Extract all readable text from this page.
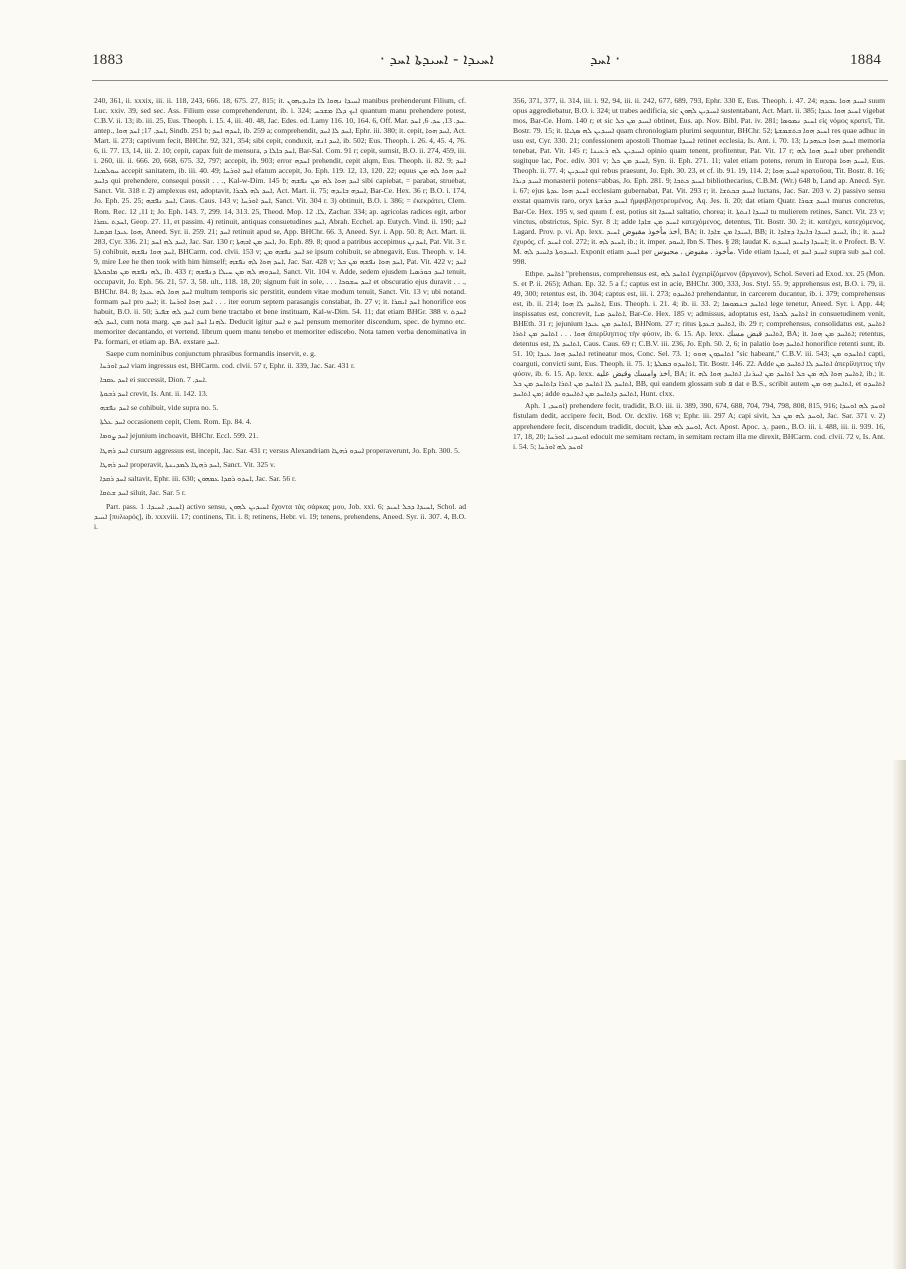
1883	ܐܚܝܕܐ - ܐܚܝܕܬܐ ܐܚܕ ·	· ܐܚܕ	1884

240, 361, ii. xxxix, iii. ii. 118, 243, 666. 18, 675. 27, 815; it. ܐܚܝܕܐ ܢܗܘܐ ܠܐ ܒܐܝܕܝܗܘܢ manibus prehenderunt Filium, cf. Luc. xxiv. 39, sed sec. Ass. Filium esse comprehenderunt, ib. i. 324; ܐܝܟ ܕܠܐ ܡܫܟܚ quantum manu prehendere potest, C.B.V. ii. 13; ib. iii. 25, Eus. Theoph. i. 15. 4, iii. 40. 48, Jac. Edes. ed. Lamy 116. 10, 164. 6, Off. Mar. ܚܕ. 13, ܚܕ. 6, ܐܚܕ. antep., ܐܚܕ. 17; ܐܚܕ ܗܘܐ, Sindb. 251 b; ܐܚܕܗ ܐܚܕ, ib. 259 a; comprehendit, ܐܚܕ ܠܐ ܐܚܕ, Ephr. iii. 380; it. cepit, ܐܚܕ ܗܘܐ, Act. Mart. ii. 273; captivum fecit, BHChr. 92, 321, 354; sibi cepit, conduxit, ܐܚܕ ܐܢܫ, ib. 502; Eus. Theoph. i. 26. 4, 45. 4, 76. 6, ii. 77. 13, 14, iii. 2. 10; cepit, capax fuit de mensura, ܐܚܕ ܟܐܠܐ ܕ, Bar-Sal. Com. 91 r; cepit, sumsit, B.O. ii. 274, 459, iii. i. 260, iii. ii. 666. 20, 668, 675. 32, 797; accepit, ib. 903; error ܐܚܕܗ prehendit, cepit alqm, Eus. Theoph. ii. 82. 9; ܐܚܕ ܚܘܠܡܢܐ accepit sanitatem, ib. iii. 40. 49; ܐܚܕ ܐܘܪܚܐ efatum accepit, Jo. Eph. 119. 12, 13, 120. 22; equus ܐܚܕ ܗܘܐ ܠܗ ܡܢ ܕܐܚܕ qui prehendere, consequi possit . . ., Kal-w-Dim. 145 b; ܐܚܕ ܗܘܐ ܠܗ ܡܢ ܢܦܫܗ sibi capiebat, = parabat, struebat, Sanct. Vit. 318 r. 2) amplexus est, adoptavit, ܐܚܕ ܠܗ ܠܒܪܐ, Act. Mart. ii. 75; ܐܚܕܗ ܒܐܝܕܗ, Bar-Ce. Hex. 36 r; B.O. i. 174, Jo. Eph. 25. 25; ܐܚܕ ܢܦܫܗ, Caus. Caus. 143 v; ܐܚܕ ܐܘܪܚܐ, Sanct. Vit. 304 r. 3) obtinuit, B.O. i. 386; = ἐκεκράτει, Clem. Rom. Rec. ܐ 11, 12; Jo. Eph. 143. 7, 299. 14, 313. 25, Theod. Mop. ܠܐ. 12, Zachar. 334; ap. agricolas radices egit, arbor ܐܚܕܬ ܥܩܪܐ, Geop. 27. 11, et passim. 4) retinuit, antiquas consuetudines ܐܚܕ, Abrah. Ecchel. ap. Eutych. Vind. ii. 190; ܐܚܕ ܗܘܐ ܥܝܕܐ ܩܕܡܝܐ, Aneed. Syr. ii. 259. 21; ܐܚܕ retinuit apud se, App. BHChr. 66. 3, Aneed. Syr. i. App. 50. 8; Act. Mart. ii. 283, Cyr. 336. 21; ܐܚܕ ܠܗ ܐܚܕ, Jac. Sar. 130 r; ܐܚܕ ܡܢ ܐܒܗܬܐ, Jo. Eph. 89. 8; quod a patribus accepimus ܐܚܕܢܢ, Pat. Vit. 3 r. 5) cohibuit, ܐܚܕ ܗܘܐ ܢܦܫܗ, BHCarm. cod. clvii. 153 v; ܐܚܕ ܢܦܫܗ ܡܢ se ipsum cohibuit, se abnegavit, Eus. Theoph. v. 14. 9, mire Lee he then took with him himself; ܐܚܕ ܗܘܐ ܠܗ ܢܦܫܗ, Jac. Sar. 428 v; ܐܚܕ ܗܘܐ ܢܦܫܗ ܡܢ ܟܠ, Pat. Vit. 422 v; ܐܚܕ ܠܗ ܢܦܫܗ ܡܢ ܡܐܟܘܠܬܐ, ib. 433 r; ܐܚܕܘܗܝ ܠܗ ܡܢ ܚܝܠܐ ܕܢܦܫܗ, Sanct. Vit. 104 v. Adde, sedem ejusdem ܐܚܕ ܟܘܪܣܝܐ tenuit, occupavit, Jo. Eph. 56. 21, 57. 3, 58. ult., 118. 18, 20; signum fuit in sole, . . . ܐܚܕ ܚܫܘܟܐ et obscuratio ejus duravit . . ., BHChr. 84. 8; ܐܚܕ ܗܘܐ ܠܗ ܥܝܕܐ multum temporis sic perstitit, eundem vitae modum tenuit, Sanct. Vit. 13 v; ubi notand. formam ܐܚܕ pro ܐܚܕ; it. ܐܚܕ ܗܘܐ ܐܘܪܚܐ . . . iter eorum septem parasangis constabat, ib. 27 v; it. ܐܚܕ ܐܝܩܪܐ honorifice eos habuit, B.O. ii. 50; ܐܚܕ ܠܗ ܫܦܝܪ cum bene tractabo et bene instituam, Kal-w-Dim. 54. 11; dat etiam BHGr. 388 v. ܐܚܕܬ ܐܚܕ ܠܗ, cum nota marg. ܠܗܢܐ ܐܚܕ ܐܚܕ ܡܢ. Deducit igitur ܐܚܕ e ܐܚܕ pensum memoriter discendum, spec. de hymno etc. memoriter decantando, et vertend. librum quem manu tenebo et memoriter ediscebo. Nota tamen verba denominativa in Pa. formari, et etiam ap. BA. exstare ܐܚܕ.

Saepe cum nominibus conjunctum phrasibus formandis inservit, e. g.

ܐܚܕ ܐܘܪܚܐ viam ingressus est, BHCarm. cod. clvii. 57 r, Ephr. ii. 339, Jac. Sar. 431 r.

ܐܚܕ ܥܩܒܐ ei successit, Dion. ܐܚܕ. 7.

ܐܚܕ ܪܒܘܬܐ crevit, Is. Ant. ii. 142. 13.

ܐܚܕ ܢܦܫܗ se cohibuit, vide supra no. 5.

ܐܚܕ ܥܠܬܐ occasionem cepit, Clem. Rom. Ep. 84. 4.

ܐܚܕ ܨܘܡܐ jejunium inchoavit, BHChr. Eccl. 599. 21.

ܐܚܕ ܪܗܛܐ cursum aggressus est, incepit, Jac. Sar. 431 r; versus Alexandriam ܐܚܕܘ ܪܗܛܐ properaverunt, Jo. Eph. 300. 5.

ܐܚܕ ܪܗܛܐ properavit, ܐܚܕ ܪܗܛܐ ܠܡܕܝܢܬܐ, Sanct. Vit. 325 v.

ܐܚܕ ܪܩܕܐ saltavit, Ephr. iii. 630; ܐܚܕܘ ܪܩܕܐ ܥܡܗܘܢ, Jac. Sar. 56 r.

ܐܚܕ ܫܬܩܐ siluit, Jac. Sar. 5 r.

Part. pass. ܐܚܝܕ, ܐܚܝܕܐ. 1) activo sensu, ܐܚܝܕܝܢ ܠܗܘܢ ἔχοντα τὰς σάρκας μου, Job. xxi. 6; ܐܚܝܕܐ ܕܟܠ ܐܚܝܕ, Schol. ad ܐܚܝܕ [πυλωρός], ib. xxxviii. 17; continens, Tit. i. 8; retinens, Hebr. vi. 19; tenens, prehendens, Aneed. Syr. ii. 307. 4, B.O. i.

356, 371, 377, ii. 314, iii. i. 92, 94, iii. ii. 242, 677, 689, 793, Ephr. 330 E, Eus. Theoph. i. 47. 24; ܐܚܝܕ ܗܘܐ ܥܒܕܗ suum opus aggrediebatur, B.O. i. 324; ut trabes aedificia, sic ܐܚܝܕܝܢ ܠܗܘܢ sustentabant, Act. Mart. ii. 385; ܐܚܝܕ ܗܘܐ ܥܝܕܐ vigebat mos, Bar-Ce. Hom. 140 r; et sic ܐܚܝܕ ܡܢ ܟܠ obtinet, Eus. ap. Nov. Bibl. Pat. iv. 281; ܐܚܝܕ ܢܡܘܣܐ εἰς νόμος κρατεῖ, Tit. Bostr. 79. 15; it. ܐܚܝܕܝܢ ܠܗ ܣܓܝܐܐ quam chronologiam plurimi sequuntur, BHChr. 52; ܐܚܝܕ ܗܘܐ ܒܬܫܡܫܬܐ res quae adhuc in usu est, Cyr. 330. 21; confessionem apostoli Thomae ܐܚܝܕܐ retinet ecclesia, Is. Ant. i. 70. 13; ܐܚܝܕ ܗܘܐ ܒܥܗܕܢܐ memoria tenebat, Pat. Vit. 145 r; ܐܚܝܕܝܢ ܠܗ ܪܥܝܢܐ opinio quam tenent, profitentur, Pat. Vit. 17 r; ܐܚܝܕ ܗܘܐ ܠܗ uber prehendit sugitque lac, Poc. ediv. 301 v; ܐܚܝܕ ܡܢ ܟܠ, Syn. ii. Eph. 271. 11; valet etiam potens, rerum in Europa ܐܚܝܕ ܗܘܐ, Eus. Theoph. ii. 77. 4; ܐܚܝܕܝܢ qui rebus praesunt, Jo. Eph. 30. 23, et cf. ib. 91. 19, 114. 2; ܐܚܝܕ ܗܘܐ κρατοῦσα, Tit. Bostr. 8. 16; ܐܚܝܕ ܕܝܪܐ monasterii potens=abbas, Jo. Eph. 281. 9; ܐܚܝܕ ܟܬܒܐ bibliothecarius, C.B.M. (Wr.) 648 b, Land ap. Anecd. Syr. i. 67; ejus ܐܚܝܕ ܗܘܐ ܥܕܬܐ ecclesiam gubernabat, Pat. Vit. 293 r; it. ܐܚܝܕ ܒܟܬܫܐ luctans, Jac. Sar. 203 v. 2) passivo sensu exstat quamvis raro, oryx ܐܚܝܕ ܒܪܫܬܐ ἠμφιβλῃστρευμένος, Aq. Jes. li. 20; dat etiam Quatr. ܐܚܝܕ ܫܘܪܐ murus concretus, Bar-Ce. Hex. 195 v, sed quum f. est, potius sit ܐܚܝܕܐ saltatio, chorea; it. ܐܚܝܕܐ ܐܢܬܬܐ tu mulierem retines, Sanct. Vit. 23 v; vinctus, obstrictus, Spic. Syr. ܐ. 8; adde ܐܚܝܕ ܡܢ ܫܐܕܐ κατεχόμενος, detentus, Tit. Bostr. 30. 2; it. κατέχει, κατεχόμενος, Lagard. Prov. p. vi. Ap. lexx. اخذ مأخوذ مقبوض ܐܚܝܕ, BA; it. ܐܚܝܕܐ ܡܢ ܫܐܕܐ, BB; it. ܐܚܝܕ ܐܚܝܕܐ ܒܐܝܕܐ ܕܫܐܕܐ, ib.; it. ܐܚܝܕ ἐχυρός, cf. ܐܚܝܕ col. 272; it. ܐܚܝܕ ܠܗ, ib.; it. imper. ܐܚܘܕ, Ibn S. Thes. § 28; laudat K. ܐܚܝܕܐ ܕܐܚܝܕ ܐܚܝܕܬ; it. e Profect. B. V. M. ܐܚܝܕܘܬܐ ܕܐܚܝܕ ܠܗ. Exponit etiam ܐܚܝܕ per مأخوذ . مقبوض . محبوس. Vide etiam ܐܚܝܕܐ, et ܐܚܝܕ ܐܚܕ supra sub ܐܚܕ col. 998.

Ethpe. ܐܬܐܚܕ "prehensus, comprehensus est, ܐܬܐܚܕ ܠܗ ἐγχειρίζόμενον (ἄργανον), Schol. Severi ad Exod. xx. 25 (Mon. S. et P. ii. 265); Athan. Ep. 32. 5 a f.; captus est in acie, BHChr. 300, 333, Jos. Styl. 55. 9; apprehensus est, B.O. i. 79, ii. 49, 300; retentus est, ib. 304; captus est, iii. i. 273; ܐܬܐܚܕܘ prehendantur, in carcerem ducantur, ib. i. 379; comprehensus est, ib. ii. 214; ܐܬܐܚܕ ܠܐ ܗܘܐ, Eus. Theoph. i. 21. 4; ib. ii. 33. 2; ܐܬܐܚܕ ܒܢܡܘܣܐ lege tenetur, Aneed. Syr. i. App. 44; inspissatus est, concrevit, ܐܬܐܚܕ ܡܝܐ, Bar-Ce. Hex. 185 v; admissus, adoptatus est, ܐܬܐܚܕ ܠܒܪܐ in consuetudinem venit, BHEth. 31 r; jejunium ܐܬܐܚܕ ܡܢ ܥܝܕܐ, BHNom. 27 r; ritus ܐܬܐܚܕ ܒܥܕܬܐ, ib. 29 r; comprehensus, consolidatus est, ܐܬܐܚܕ ܗܘܐ . . . ܐܬܐܚܕ ܡܢ ܐܬܪܐ ἀπερίληπτος τὴν φύσιν, ib. 6. 15. Ap. lexx. ܐܬܐܚܕ قبض مسك, BA; it. ܐܬܐܚܕ ܡܢ ܗܘܐ; retentus, detentus est, ܐܬܐܚܕ ܠܐ, Caus. Caus. 69 r; C.B.V. iii. 236, Jo. Eph. 50. 2, 6; in palatio ܐܬܐܚܕ ܗܘܐ honorifice retenti sunt, ib. 51. 10; ܐܬܐܚܕ ܗܘܐ ܥܝܕܐ retineatur mos, Conc. Sel. 73. 1; ܐܬܐܚܕܘܢ ܗܘܘ "sic habeant," C.B.V. iii. 543; ܐܬܐܚܕܘ ܡܢ capti, coarguti, convicti sunt, Eus. Theoph. ii. 75. 1; ܐܬܐܚܕܘ ܒܡܠܬܐ, Tit. Bostr. 146. 22. Adde ܐܬܐܚܕ ܠܐ ܐܬܐܚܕ ܡܢ ἀπερίληπτος τὴν φύσιν, ib. 6. 15. Ap. lexx. اخذ وامسك وقبض عليه, BA; it. ܐܬܐܚܕ ܗܘܐ ܠܗ ܡܢ ܟܠ ܐܬܐܚܕ ܡܢ ܐܚܪܢܐ, ܐܬܐܚܕ ܗܘܐ ܠܗ, ib.; it. ܐܬܐܚܕ ܠܐ ܐܬܐܚܕ ܡܢ ܐܬܪܐ ܕܐܬܐܚܕ ܡܢ ܟܠ, BB, qui eandem glossam sub ܦ dat e B.S., scribit autem ܐܬܐܚܕ ܗܘ ܡܢ, et ܐܬܐܚܕܘ ܡܢ ܐܬܐܚܕ; adde ܐܬܐܚܕ ܕܐܬܐܚܕ ܡܢ ܐܬܐܚܕܘ, Hunt. clxx.

Aph. ܐܘܚܕ, 1) prehendere fecit, tradidit, B.O. iii. ii. 389, 390, 674, 688, 704, 794, 798, 808, 815, 916; ܐܘܚܕ ܠܗ ܐܘܚܕܐ fistulam dedit, accipere fecit, Bod. Or. dcxliv. 168 v; Ephr. iii. 297 A; capi sivit, ܐܘܚܕ ܠܗ ܡܢ ܟܠ, Jac. Sar. 371 v. 2) apprehendere fecit, discendum tradidit, docuit, ܐܘܚܕ ܠܗ ܡܠܬܐ, Act. Apost. Apoc. ܓ. paen., B.O. iii. i. 488, iii. ii. 939. 16, 17, 18, 20; ܐܘܚܕܢܝ ܐܘܪܚܐ edocuit me semitam rectam, in semitam rectam illa me direxit, BHCarm. cod. clvii. 72 v, Is. Ant. i. 54. 5; ܐܘܚܕ ܠܗ ܐܘܪܚܐ
